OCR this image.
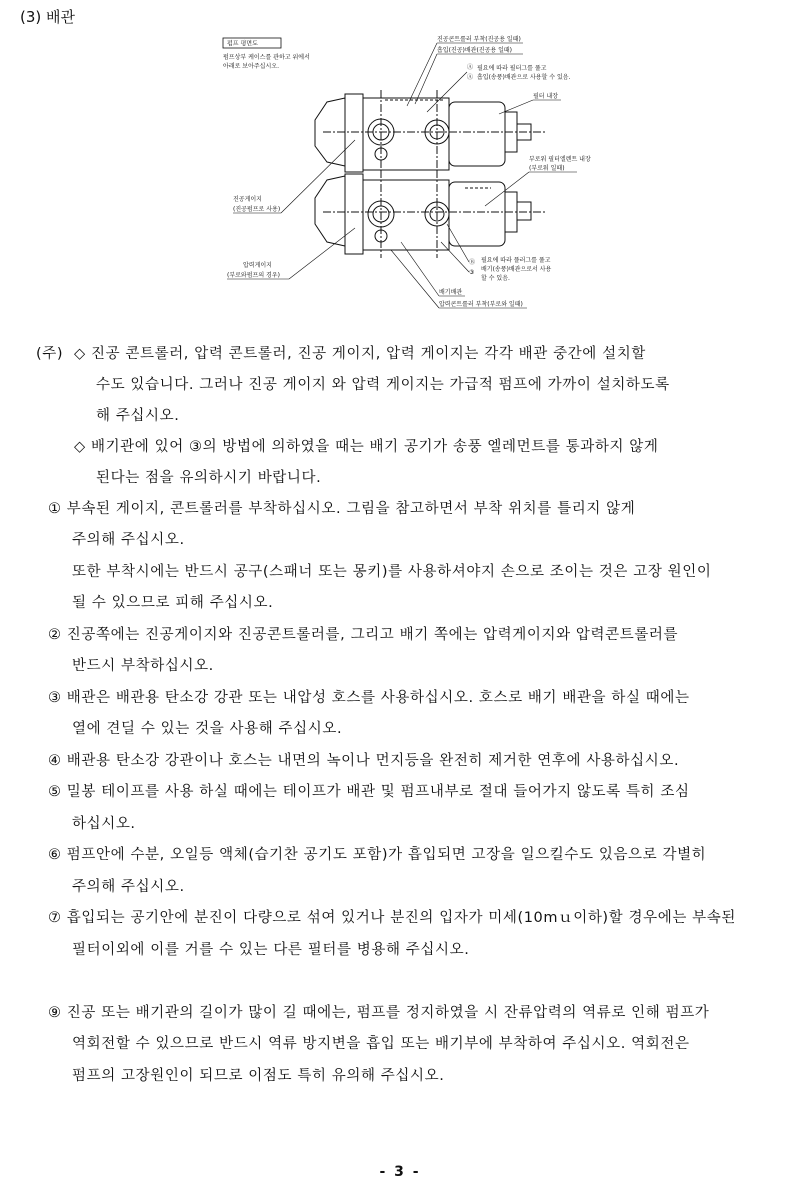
(3) 배관
펌프 평면도
펌프상부 케이스를 관하고 위에서
아래로 보아주십시오.
진공콘트롤러 부착(진공용 일때)
흡입(진공)배관(진공용 일때)
Ⓐ
Ⓐ
필요에 따라 필터그를 풀고
흡입(송풍)배관으로 사용할 수 있음.
필터 내장
부로워 필터엘렌트 내장
(부로워 일때)
진공게이지
(진공펌프로 사용)
압력게이지
(부로와펌프의 경우)
Ⓑ
③
필요에 따라 플러그를 풀고
배기(송풍)배관으로서 사용
할 수 있음.
배기배관
압력콘트롤러 부착(부로와 일때)
(주) ◇ 진공 콘트롤러, 압력 콘트롤러, 진공 게이지, 압력 게이지는 각각 배관 중간에 설치할
수도 있습니다. 그러나 진공 게이지 와 압력 게이지는 가급적 펌프에 가까이 설치하도록
해 주십시오.
◇ 배기관에 있어 ③의 방법에 의하였을 때는 배기 공기가 송풍 엘레먼트를 통과하지 않게
된다는 점을 유의하시기 바랍니다.
① 부속된 게이지, 콘트롤러를 부착하십시오. 그림을 참고하면서 부착 위치를 틀리지 않게
주의해 주십시오.
또한 부착시에는 반드시 공구(스패너 또는 몽키)를 사용하셔야지 손으로 조이는 것은 고장 원인이
될 수 있으므로 피해 주십시오.
② 진공쪽에는 진공게이지와 진공콘트롤러를, 그리고 배기 쪽에는 압력게이지와 압력콘트롤러를
반드시 부착하십시오.
③ 배관은 배관용 탄소강 강관 또는 내압성 호스를 사용하십시오. 호스로 배기 배관을 하실 때에는
열에 견딜 수 있는 것을 사용해 주십시오.
④ 배관용 탄소강 강관이나 호스는 내면의 녹이나 먼지등을 완전히 제거한 연후에 사용하십시오.
⑤ 밀봉 테이프를 사용 하실 때에는 테이프가 배관 및 펌프내부로 절대 들어가지 않도록 특히 조심
하십시오.
⑥ 펌프안에 수분, 오일등 액체(습기찬 공기도 포함)가 흡입되면 고장을 일으킬수도 있음으로 각별히
주의해 주십시오.
⑦ 흡입되는 공기안에 분진이 다량으로 섞여 있거나 분진의 입자가 미세(10mｕ이하)할 경우에는 부속된
필터이외에 이를 거를 수 있는 다른 필터를 병용해 주십시오.
⑨ 진공 또는 배기관의 길이가 많이 길 때에는, 펌프를 정지하였을 시 잔류압력의 역류로 인해 펌프가
역회전할 수 있으므로 반드시 역류 방지변을 흡입 또는 배기부에 부착하여 주십시오. 역회전은
펌프의 고장원인이 되므로 이점도 특히 유의해 주십시오.
- 3 -
